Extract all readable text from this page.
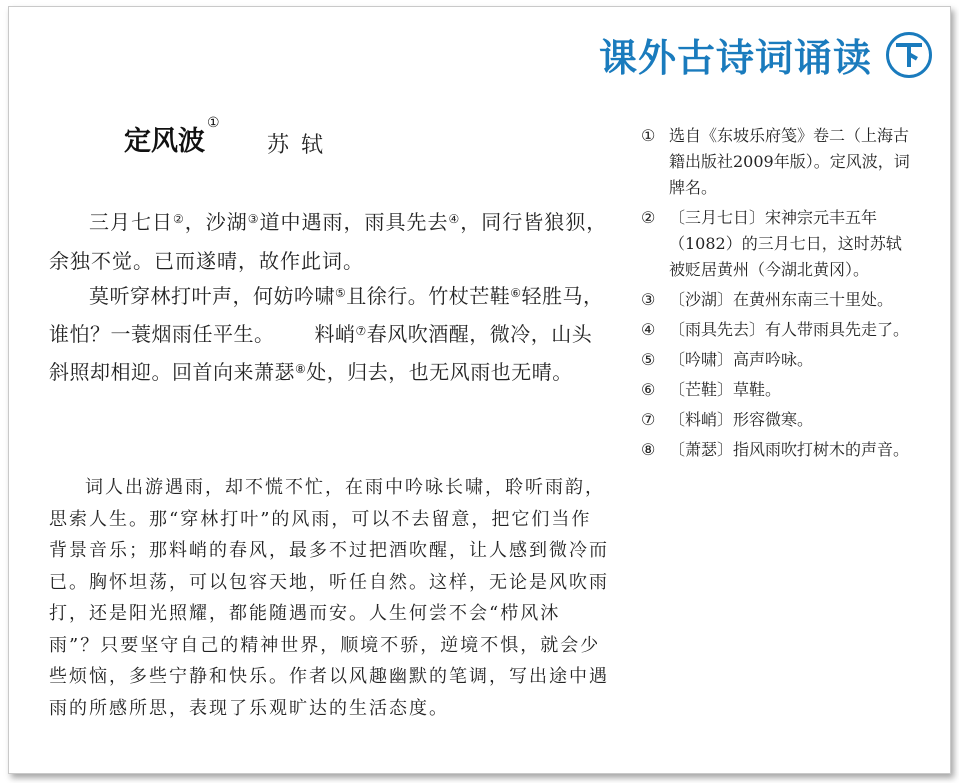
课外古诗词诵读
定风波①
苏轼
三月七日②，沙湖③道中遇雨，雨具先去④，同行皆狼狈，余独不觉。已而遂晴，故作此词。
莫听穿林打叶声，何妨吟啸⑤且徐行。竹杖芒鞋⑥轻胜马，谁怕？一蓑烟雨任平生。 料峭⑦春风吹酒醒，微冷，山头斜照却相迎。回首向来萧瑟⑧处，归去，也无风雨也无晴。
词人出游遇雨，却不慌不忙，在雨中吟咏长啸，聆听雨韵，思索人生。那“穿林打叶”的风雨，可以不去留意，把它们当作背景音乐；那料峭的春风，最多不过把酒吹醒，让人感到微冷而已。胸怀坦荡，可以包容天地，听任自然。这样，无论是风吹雨打，还是阳光照耀，都能随遇而安。人生何尝不会“栉风沐雨”？只要坚守自己的精神世界，顺境不骄，逆境不惧，就会少些烦恼，多些宁静和快乐。作者以风趣幽默的笔调，写出途中遇雨的所感所思，表现了乐观旷达的生活态度。
① 选自《东坡乐府笺》卷二（上海古籍出版社2009年版）。定风波，词牌名。
② 〔三月七日〕宋神宗元丰五年（1082）的三月七日，这时苏轼被贬居黄州（今湖北黄冈）。
③ 〔沙湖〕在黄州东南三十里处。
④ 〔雨具先去〕有人带雨具先走了。
⑤ 〔吟啸〕高声吟咏。
⑥ 〔芒鞋〕草鞋。
⑦ 〔料峭〕形容微寒。
⑧ 〔萧瑟〕指风雨吹打树木的声音。
